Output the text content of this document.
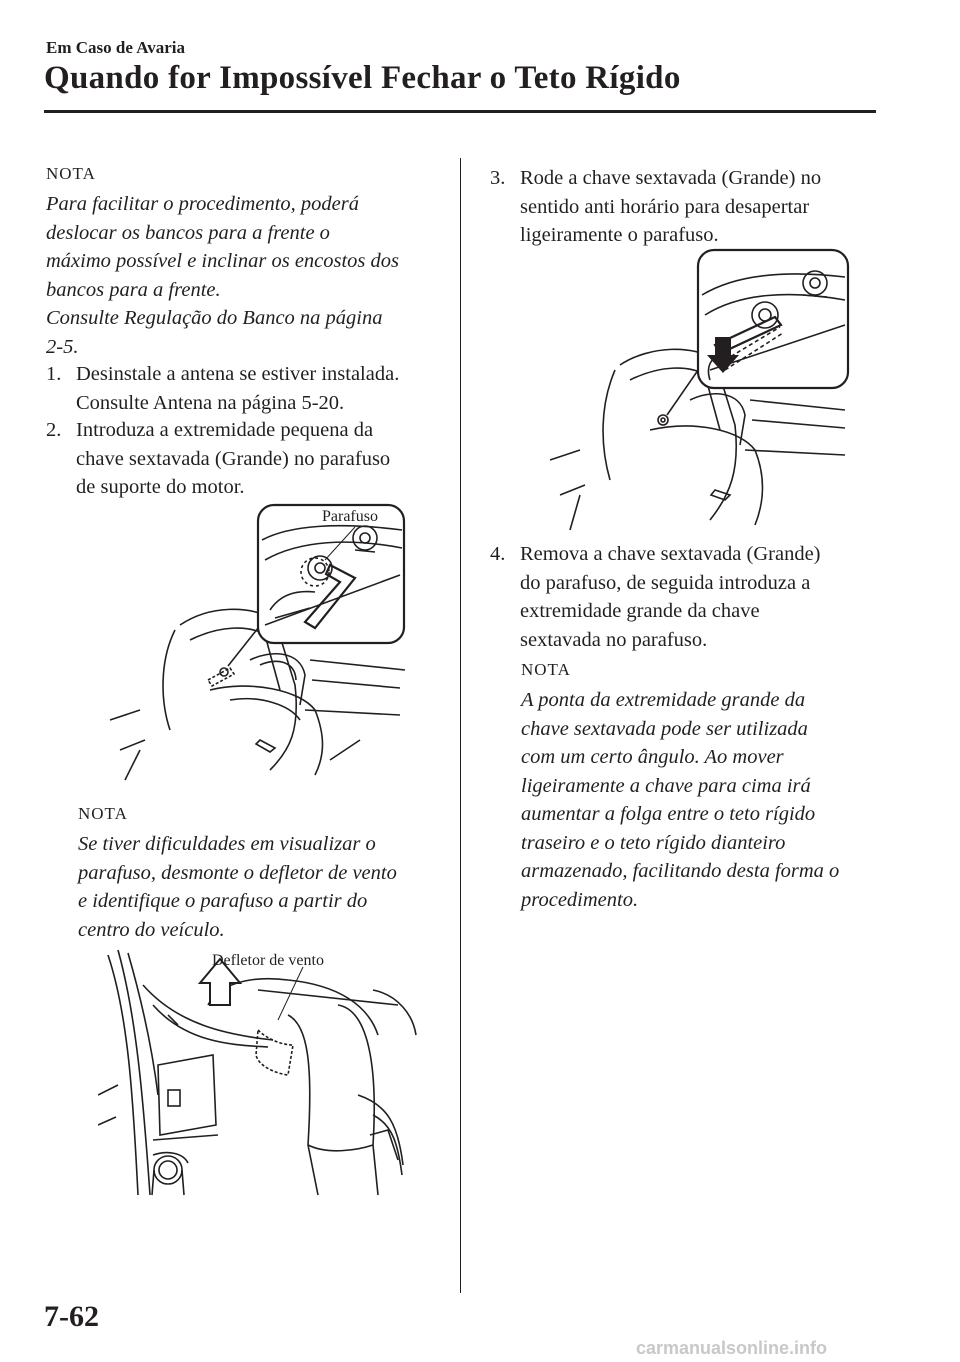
Em Caso de Avaria
Quando for Impossível Fechar o Teto Rígido
NOTA
Para facilitar o procedimento, poderá
deslocar os bancos para a frente o
máximo possível e inclinar os encostos dos
bancos para a frente.
Consulte Regulação do Banco na página
2-5.
1. Desinstale a antena se estiver instalada.
Consulte Antena na página 5-20.
2. Introduza a extremidade pequena da
chave sextavada (Grande) no parafuso
de suporte do motor.
Parafuso
NOTA
Se tiver dificuldades em visualizar o
parafuso, desmonte o defletor de vento
e identifique o parafuso a partir do
centro do veículo.
Defletor de vento
3. Rode a chave sextavada (Grande) no
sentido anti horário para desapertar
ligeiramente o parafuso.
4. Remova a chave sextavada (Grande)
do parafuso, de seguida introduza a
extremidade grande da chave
sextavada no parafuso.
NOTA
A ponta da extremidade grande da
chave sextavada pode ser utilizada
com um certo ângulo. Ao mover
ligeiramente a chave para cima irá
aumentar a folga entre o teto rígido
traseiro e o teto rígido dianteiro
armazenado, facilitando desta forma o
procedimento.
7-62
carmanualsonline.info
